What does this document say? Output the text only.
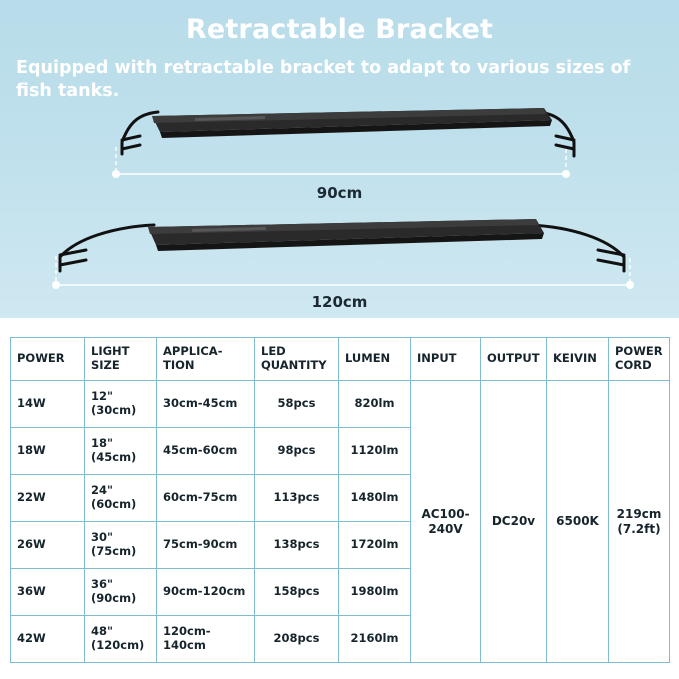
Retractable Bracket
Equipped with retractable bracket to adapt to various sizes of fish tanks.
90cm
120cm
POWER	LIGHT SIZE	APPLICA-TION	LED QUANTITY	LUMEN	INPUT	OUTPUT	KEIVIN	POWER CORD
14W	12" (30cm)	30cm-45cm	58pcs	820lm	AC100-240V	DC20v	6500K	219cm (7.2ft)
18W	18" (45cm)	45cm-60cm	98pcs	1120lm				
22W	24" (60cm)	60cm-75cm	113pcs	1480lm				
26W	30" (75cm)	75cm-90cm	138pcs	1720lm				
36W	36" (90cm)	90cm-120cm	158pcs	1980lm				
42W	48" (120cm)	120cm-140cm	208pcs	2160lm				
